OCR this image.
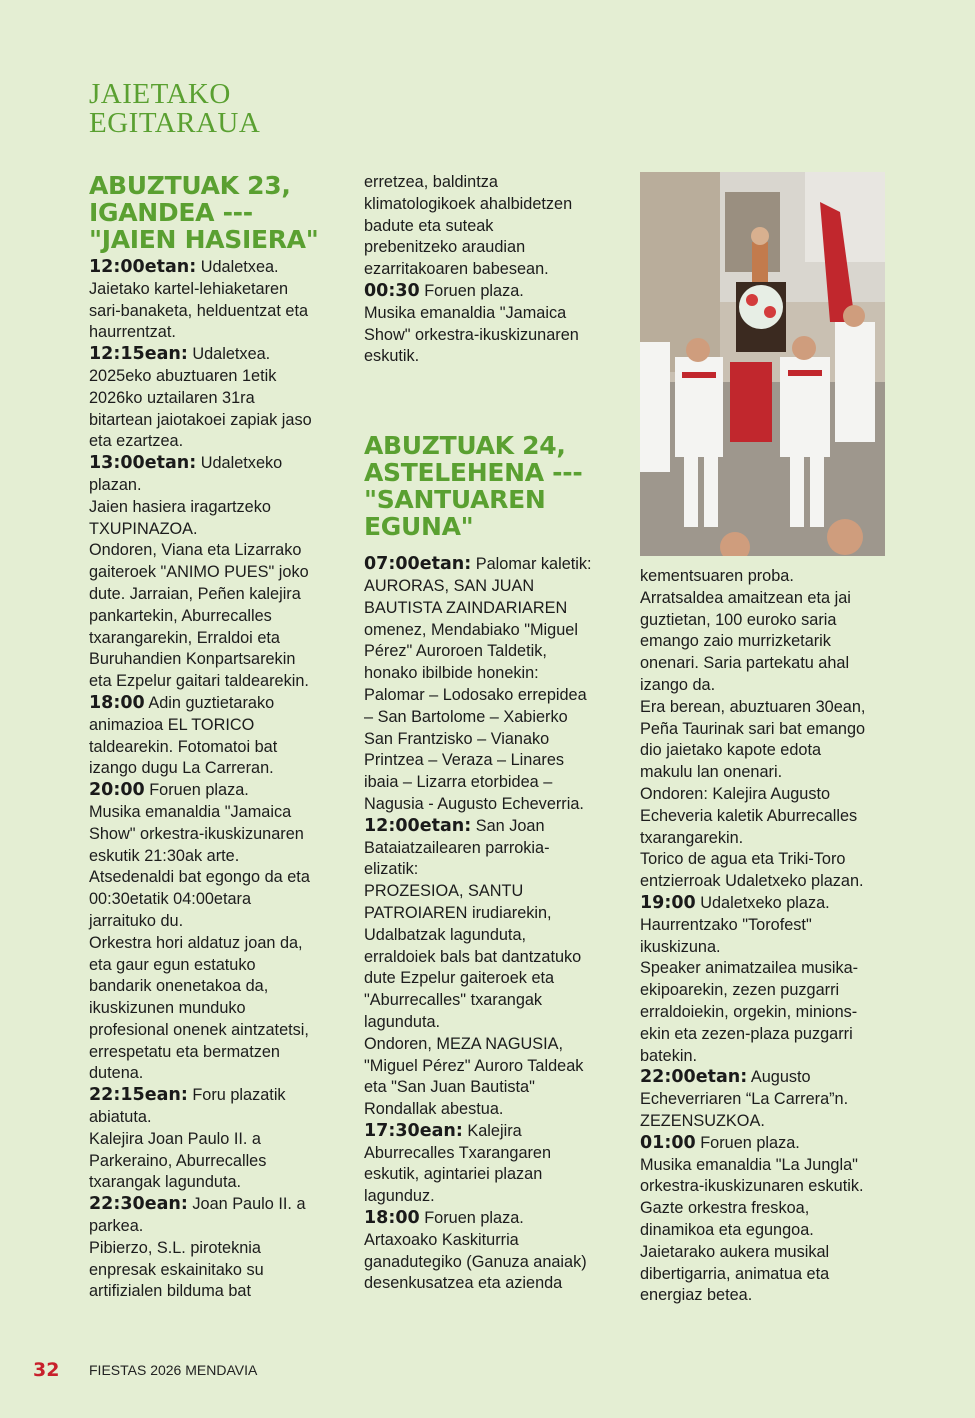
JAIETAKO
EGITARAUA
ABUZTUAK 23,
IGANDEA ---
"JAIEN HASIERA"

12:00etan: Udaletxea.

Jaietako kartel-lehiaketaren

sari-banaketa, helduentzat eta

haurrentzat.

12:15ean: Udaletxea.

2025eko abuztuaren 1etik

2026ko uztailaren 31ra

bitartean jaiotakoei zapiak jaso

eta ezartzea.

13:00etan: Udaletxeko

plazan.

Jaien hasiera iragartzeko

TXUPINAZOA.

Ondoren, Viana eta Lizarrako

gaiteroek "ANIMO PUES" joko

dute. Jarraian, Peñen kalejira

pankartekin, Aburrecalles

txarangarekin, Erraldoi eta

Buruhandien Konpartsarekin

eta Ezpelur gaitari taldearekin.

18:00 Adin guztietarako

animazioa EL TORICO

taldearekin. Fotomatoi bat

izango dugu La Carreran.

20:00 Foruen plaza.

Musika emanaldia "Jamaica

Show" orkestra-ikuskizunaren

eskutik 21:30ak arte.

Atsedenaldi bat egongo da eta

00:30etatik 04:00etara

jarraituko du.

Orkestra hori aldatuz joan da,

eta gaur egun estatuko

bandarik onenetakoa da,

ikuskizunen munduko

profesional onenek aintzatetsi,

errespetatu eta bermatzen

dutena.

22:15ean: Foru plazatik

abiatuta.

Kalejira Joan Paulo II. a

Parkeraino, Aburrecalles

txarangak lagunduta.

22:30ean: Joan Paulo II. a

parkea.

Pibierzo, S.L. piroteknia

enpresak eskainitako su

artifizialen bilduma bat

erretzea, baldintza

klimatologikoek ahalbidetzen

badute eta suteak

prebenitzeko araudian

ezarritakoaren babesean.

00:30 Foruen plaza.

Musika emanaldia "Jamaica

Show" orkestra-ikuskizunaren

eskutik.

ABUZTUAK 24,
ASTELEHENA ---
"SANTUAREN
EGUNA"

07:00etan: Palomar kaletik:

AURORAS, SAN JUAN

BAUTISTA ZAINDARIAREN

omenez, Mendabiako "Miguel

Pérez" Auroroen Taldetik,

honako ibilbide honekin:

Palomar – Lodosako errepidea

– San Bartolome – Xabierko

San Frantzisko – Vianako

Printzea – Veraza – Linares

ibaia – Lizarra etorbidea –

Nagusia - Augusto Echeverria.

12:00etan: San Joan

Bataiatzailearen parrokia-

elizatik:

PROZESIOA, SANTU

PATROIAREN irudiarekin,

Udalbatzak lagunduta,

erraldoiek bals bat dantzatuko

dute Ezpelur gaiteroek eta

"Aburrecalles" txarangak

lagunduta.

Ondoren, MEZA NAGUSIA,

"Miguel Pérez" Auroro Taldeak

eta "San Juan Bautista"

Rondallak abestua.

17:30ean: Kalejira

Aburrecalles Txarangaren

eskutik, agintariei plazan

lagunduz.

18:00 Foruen plaza.

Artaxoako Kaskiturria

ganadutegiko (Ganuza anaiak)

desenkusatzea eta azienda

kementsuaren proba.

Arratsaldea amaitzean eta jai

guztietan, 100 euroko saria

emango zaio murrizketarik

onenari. Saria partekatu ahal

izango da.

Era berean, abuztuaren 30ean,

Peña Taurinak sari bat emango

dio jaietako kapote edota

makulu lan onenari.

Ondoren: Kalejira Augusto

Echeveria kaletik Aburrecalles

txarangarekin.

Torico de agua eta Triki-Toro

entzierroak Udaletxeko plazan.

19:00 Udaletxeko plaza.

Haurrentzako "Torofest"

ikuskizuna.

Speaker animatzailea musika-

ekipoarekin, zezen puzgarri

erraldoiekin, orgekin, minions-

ekin eta zezen-plaza puzgarri

batekin.

22:00etan: Augusto

Echeverriaren “La Carrera”n.

ZEZENSUZKOA.

01:00 Foruen plaza.

Musika emanaldia "La Jungla"

orkestra-ikuskizunaren eskutik.

Gazte orkestra freskoa,

dinamikoa eta egungoa.

Jaietarako aukera musikal

dibertigarria, animatua eta

energiaz betea.

32 FIESTAS 2026 MENDAVIA
